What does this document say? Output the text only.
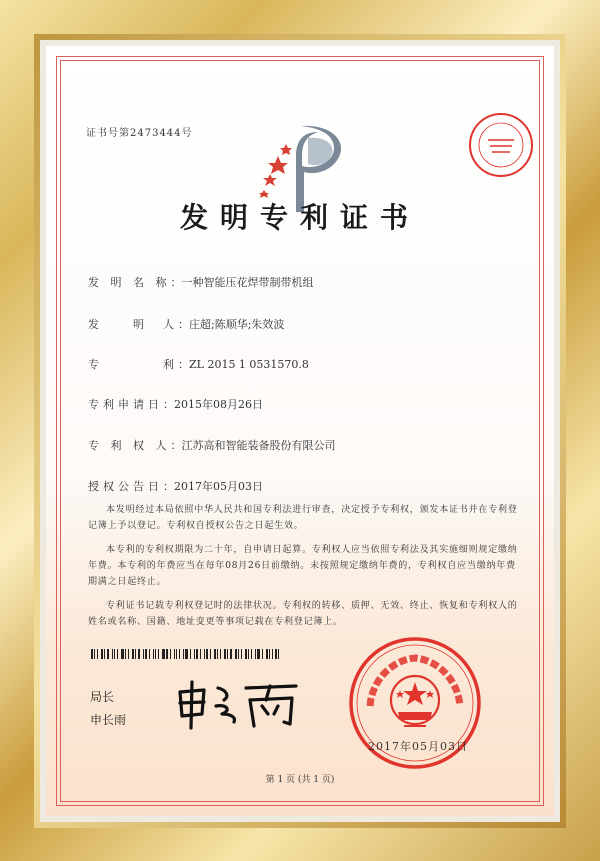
证书号第2473444号
发明专利证书
发 明 名 称：一种智能压花焊带制带机组
发　　明　人：庄超;陈顺华;朱效波
专　　　　利：ZL 2015 1 0531570.8
专利申请日：2015年08月26日
专 利 权 人：江苏高和智能装备股份有限公司
授权公告日：2017年05月03日

本发明经过本局依照中华人民共和国专利法进行审查，决定授予专利权，颁发本证书并在专利登记簿上予以登记。专利权自授权公告之日起生效。

本专利的专利权期限为二十年，自申请日起算。专利权人应当依照专利法及其实施细则规定缴纳年费。本专利的年费应当在每年08月26日前缴纳。未按照规定缴纳年费的，专利权自应当缴纳年费期满之日起终止。

专利证书记载专利权登记时的法律状况。专利权的转移、质押、无效、终止、恢复和专利权人的姓名或名称、国籍、地址变更等事项记载在专利登记簿上。

局长
申长雨
2017年05月03日
第 1 页 (共 1 页)
